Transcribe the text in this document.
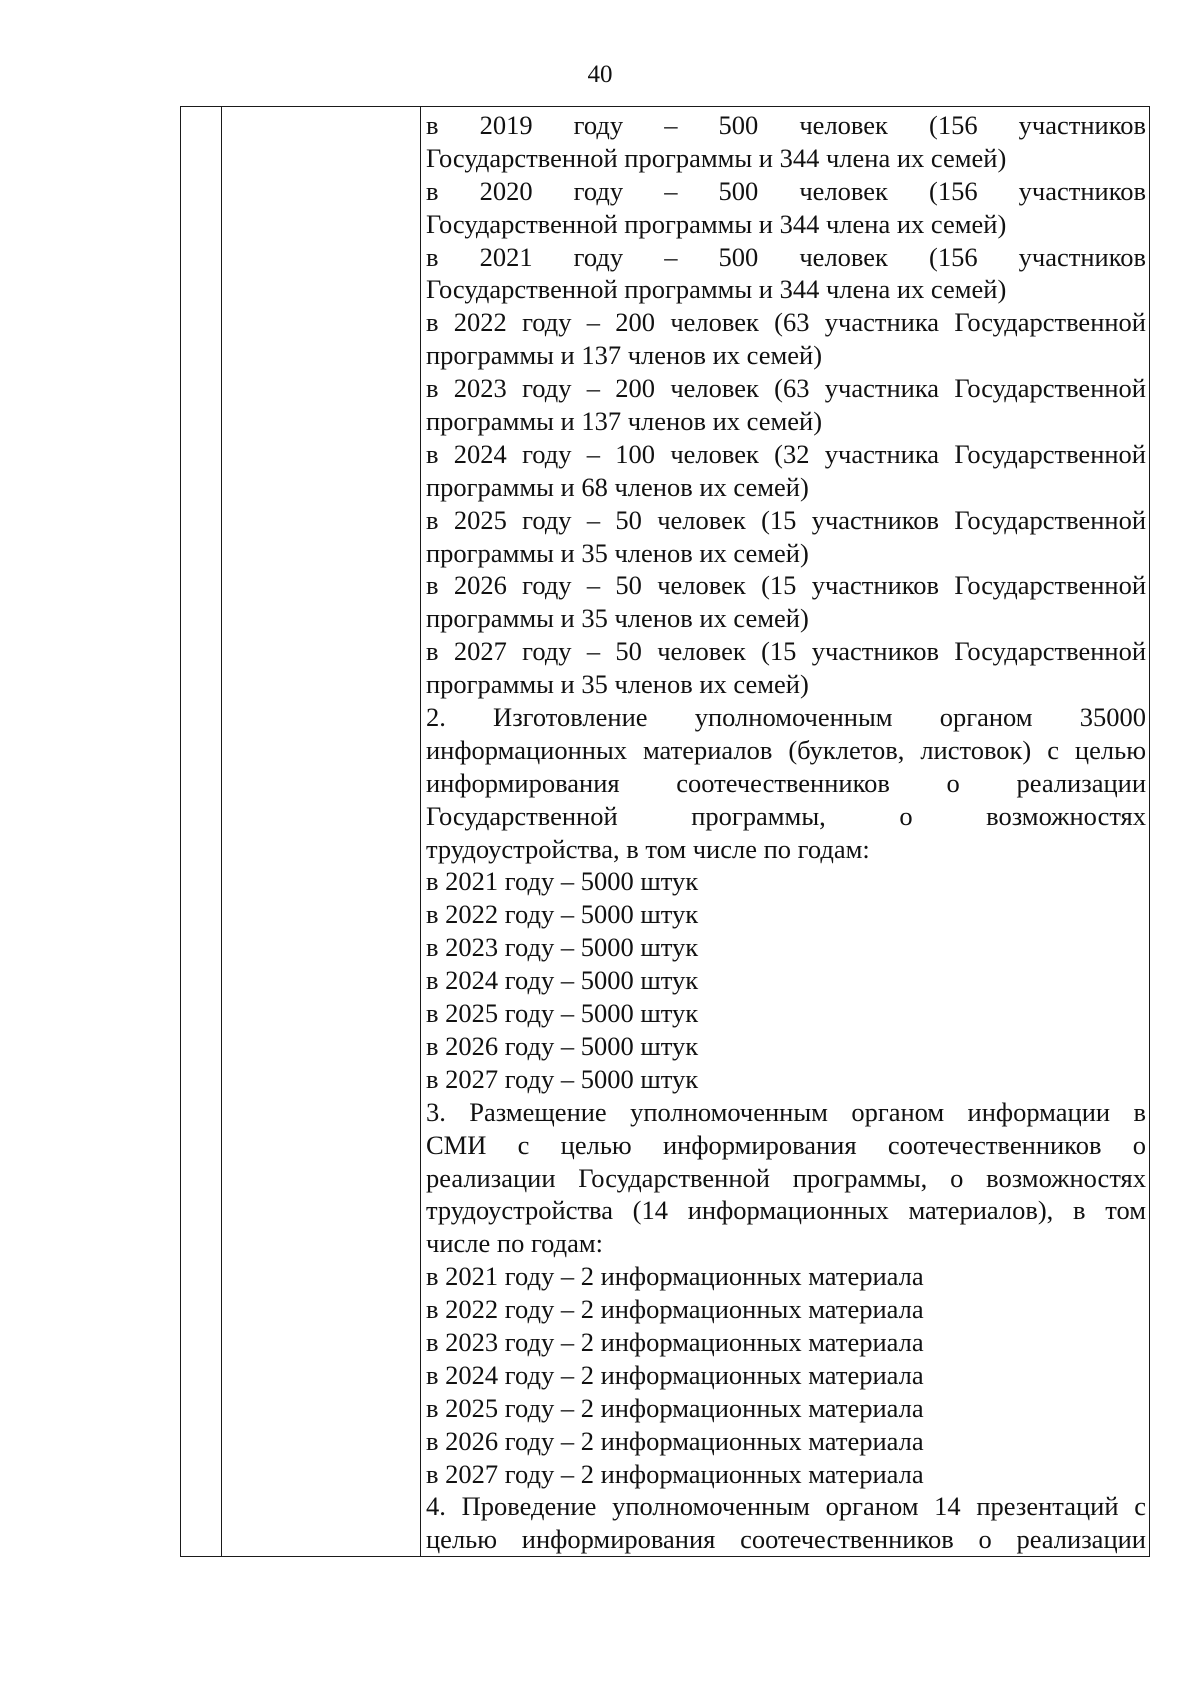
40
в 2019 году – 500 человек (156 участников
Государственной программы и 344 члена их семей)
в 2020 году – 500 человек (156 участников
Государственной программы и 344 члена их семей)
в 2021 году – 500 человек (156 участников
Государственной программы и 344 члена их семей)
в 2022 году – 200 человек (63 участника Государственной
программы и 137 членов их семей)
в 2023 году – 200 человек (63 участника Государственной
программы и 137 членов их семей)
в 2024 году – 100 человек (32 участника Государственной
программы и 68 членов их семей)
в 2025 году – 50 человек (15 участников Государственной
программы и 35 членов их семей)
в 2026 году – 50 человек (15 участников Государственной
программы и 35 членов их семей)
в 2027 году – 50 человек (15 участников Государственной
программы и 35 членов их семей)
2. Изготовление уполномоченным органом 35000
информационных материалов (буклетов, листовок) с целью
информирования соотечественников о реализации
Государственной программы, о возможностях
трудоустройства, в том числе по годам:
в 2021 году – 5000 штук
в 2022 году – 5000 штук
в 2023 году – 5000 штук
в 2024 году – 5000 штук
в 2025 году – 5000 штук
в 2026 году – 5000 штук
в 2027 году – 5000 штук
3. Размещение уполномоченным органом информации в
СМИ с целью информирования соотечественников о
реализации Государственной программы, о возможностях
трудоустройства (14 информационных материалов), в том
числе по годам:
в 2021 году – 2 информационных материала
в 2022 году – 2 информационных материала
в 2023 году – 2 информационных материала
в 2024 году – 2 информационных материала
в 2025 году – 2 информационных материала
в 2026 году – 2 информационных материала
в 2027 году – 2 информационных материала
4. Проведение уполномоченным органом 14 презентаций с
целью информирования соотечественников о реализации
